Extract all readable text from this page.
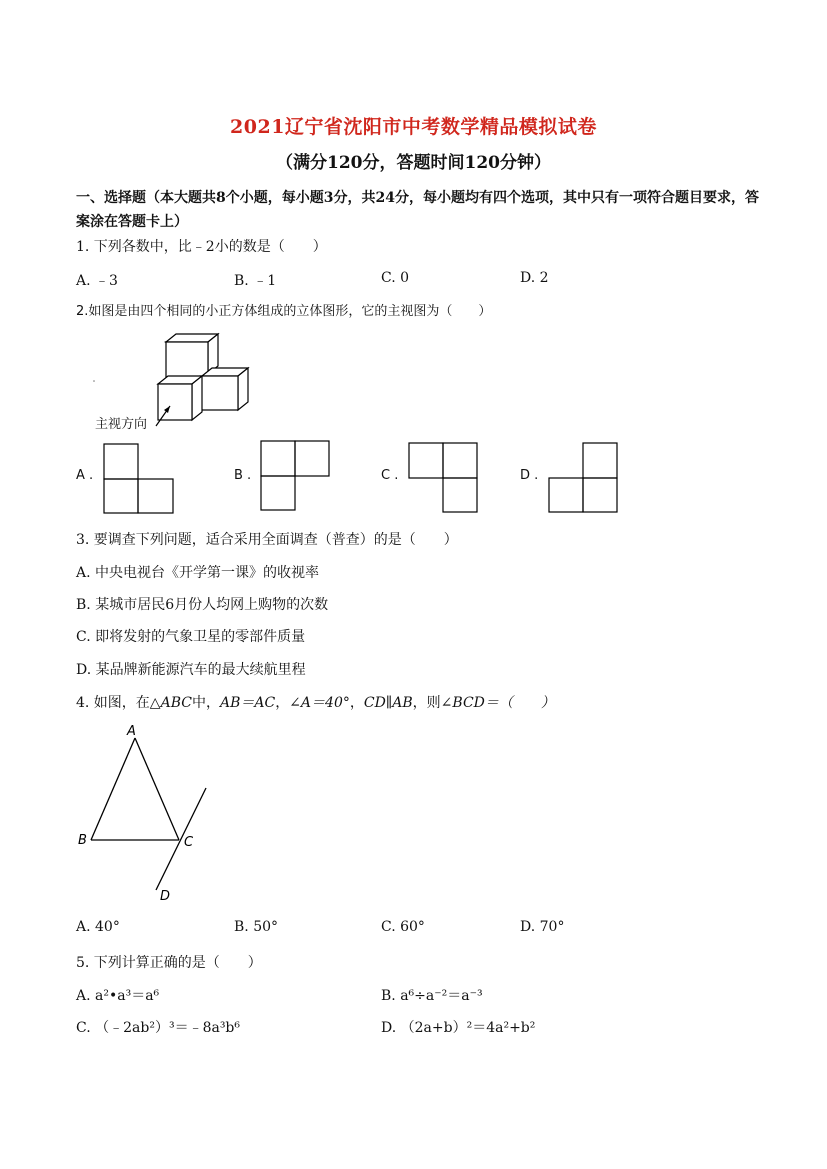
2021辽宁省沈阳市中考数学精品模拟试卷
（满分120分，答题时间120分钟）
一、选择题（本大题共8个小题，每小题3分，共24分，每小题均有四个选项，其中只有一项符合题目要求，答案涂在答题卡上）
1. 下列各数中，比﹣2小的数是（　　）
A. ﹣3	B. ﹣1	C. 0	D. 2
2.如图是由四个相同的小正方体组成的立体图形，它的主视图为（　　）
主视方向
A .	B .	C .	D .
3. 要调查下列问题，适合采用全面调查（普查）的是（　　）
A. 中央电视台《开学第一课》的收视率
B. 某城市居民6月份人均网上购物的次数
C. 即将发射的气象卫星的零部件质量
D. 某品牌新能源汽车的最大续航里程
4. 如图，在△ABC中，AB＝AC，∠A＝40°，CD∥AB，则∠BCD＝（　　）
A
B	C
D
A. 40°	B. 50°	C. 60°	D. 70°
5. 下列计算正确的是（　　）
A. a²•a³＝a⁶	B. a⁶÷a⁻²＝a⁻³
C. （﹣2ab²）³＝﹣8a³b⁶	D. （2a+b）²＝4a²+b²
